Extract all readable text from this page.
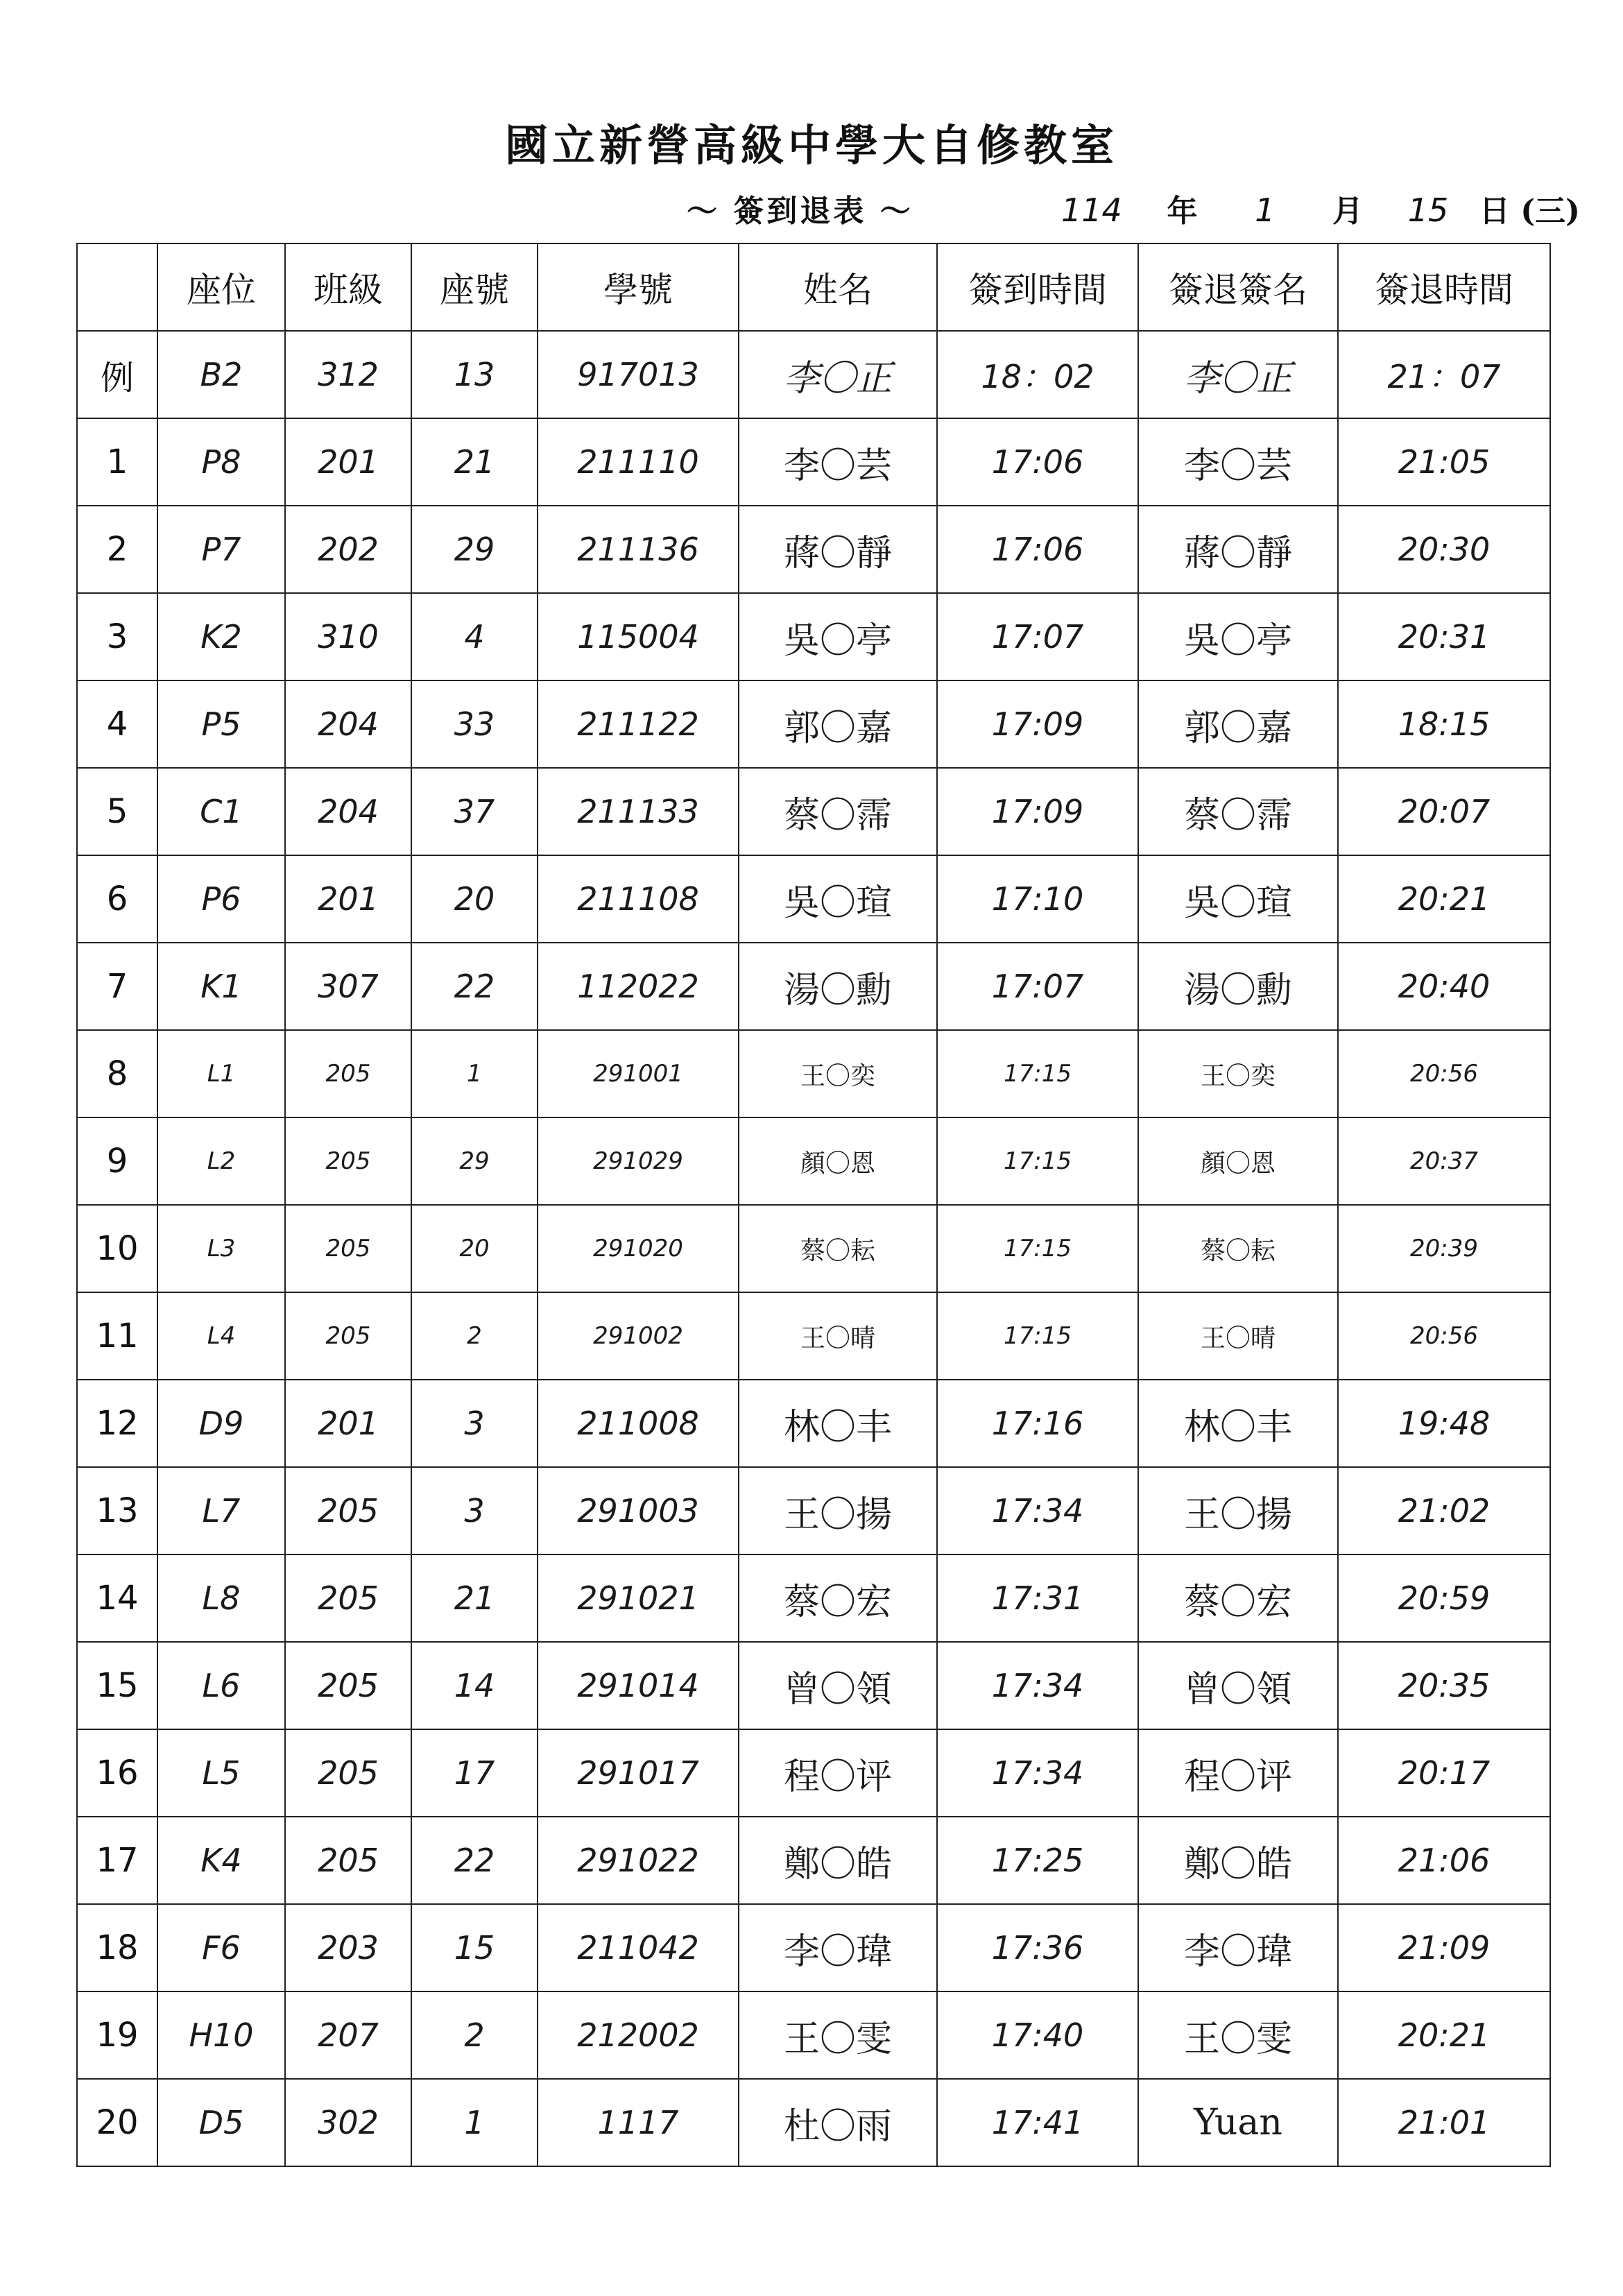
國立新營高級中學大自修教室
～ 簽到退表 ～	114 年 1 月 15 日 (三)
	座位	班級	座號	學號	姓名	簽到時間	簽退簽名	簽退時間
例	B2	312	13	917013	李〇正	18：02	李〇正	21：07
1	P8	201	21	211110	李〇芸	17:06	李〇芸	21:05
2	P7	202	29	211136	蔣〇靜	17:06	蔣〇靜	20:30
3	K2	310	4	115004	吳〇亭	17:07	吳〇亭	20:31
4	P5	204	33	211122	郭〇嘉	17:09	郭〇嘉	18:15
5	C1	204	37	211133	蔡〇霈	17:09	蔡〇霈	20:07
6	P6	201	20	211108	吳〇瑄	17:10	吳〇瑄	20:21
7	K1	307	22	112022	湯〇勳	17:07	湯〇勳	20:40
8	L1	205	1	291001	王〇奕	17:15	王〇奕	20:56
9	L2	205	29	291029	顏〇恩	17:15	顏〇恩	20:37
10	L3	205	20	291020	蔡〇耘	17:15	蔡〇耘	20:39
11	L4	205	2	291002	王〇晴	17:15	王〇晴	20:56
12	D9	201	3	211008	林〇丰	17:16	林〇丰	19:48
13	L7	205	3	291003	王〇揚	17:34	王〇揚	21:02
14	L8	205	21	291021	蔡〇宏	17:31	蔡〇宏	20:59
15	L6	205	14	291014	曾〇領	17:34	曾〇領	20:35
16	L5	205	17	291017	程〇评	17:34	程〇评	20:17
17	K4	205	22	291022	鄭〇皓	17:25	鄭〇皓	21:06
18	F6	203	15	211042	李〇瑋	17:36	李〇瑋	21:09
19	H10	207	2	212002	王〇雯	17:40	王〇雯	20:21
20	D5	302	1	1117	杜〇雨	17:41	Yuan	21:01
